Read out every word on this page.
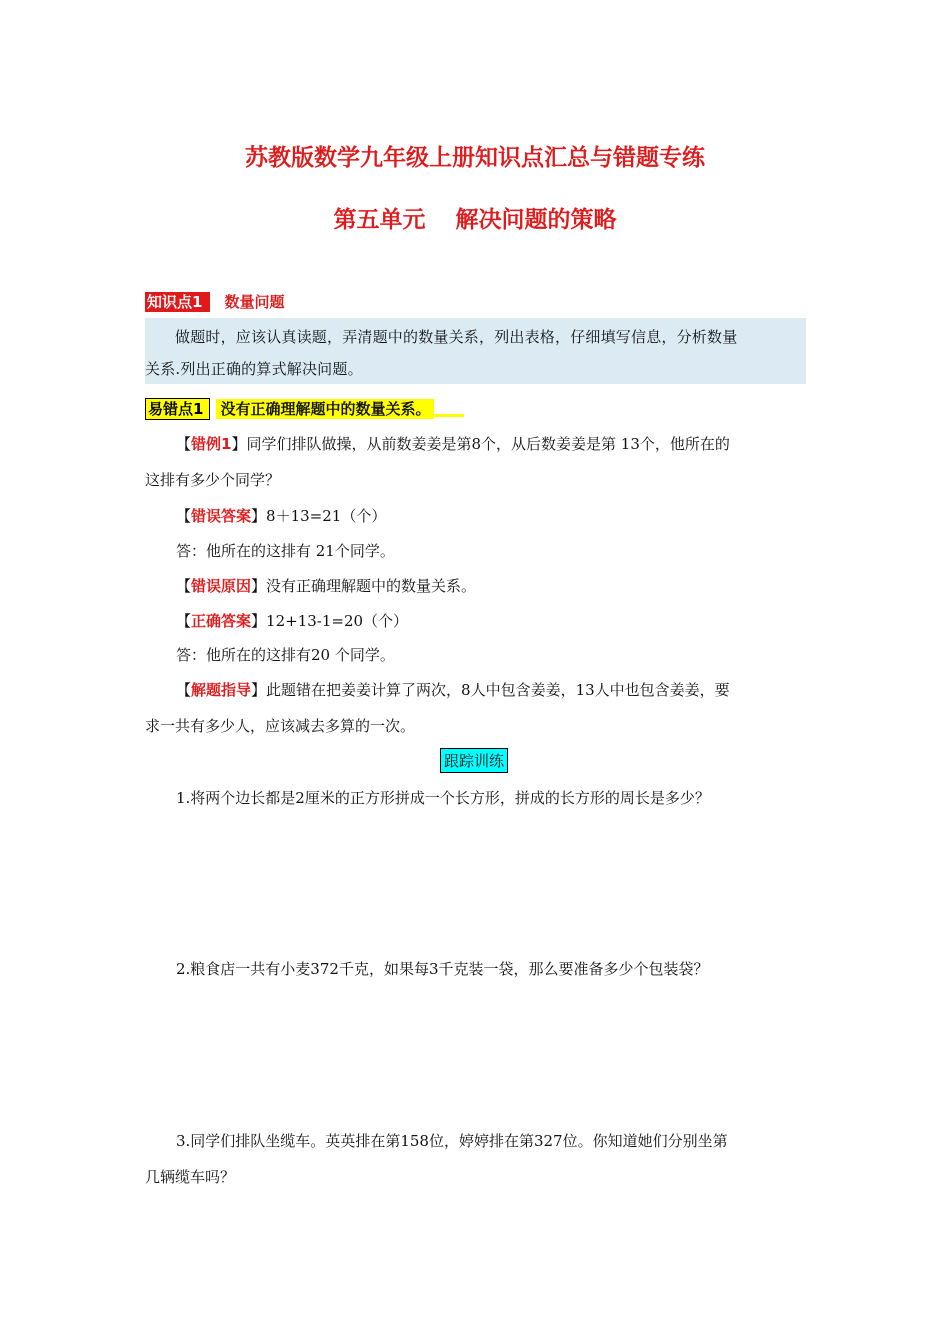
苏教版数学九年级上册知识点汇总与错题专练
第五单元 解决问题的策略
知识点1 数量问题
做题时，应该认真读题，弄清题中的数量关系，列出表格，仔细填写信息，分析数量
关系.列出正确的算式解决问题。
易错点1 没有正确理解题中的数量关系。
【错例1】同学们排队做操，从前数姜姜是第8个，从后数姜姜是第 13个，他所在的
这排有多少个同学？
【错误答案】8＋13=21（个）
答：他所在的这排有 21个同学。
【错误原因】没有正确理解题中的数量关系。
【正确答案】12+13-1=20（个）
答：他所在的这排有20 个同学。
【解题指导】此题错在把姜姜计算了两次，8人中包含姜姜，13人中也包含姜姜，要
求一共有多少人，应该减去多算的一次。
跟踪训练
1.将两个边长都是2厘米的正方形拼成一个长方形，拼成的长方形的周长是多少？
2.粮食店一共有小麦372千克，如果每3千克装一袋，那么要准备多少个包装袋？
3.同学们排队坐缆车。英英排在第158位，婷婷排在第327位。你知道她们分别坐第
几辆缆车吗？
